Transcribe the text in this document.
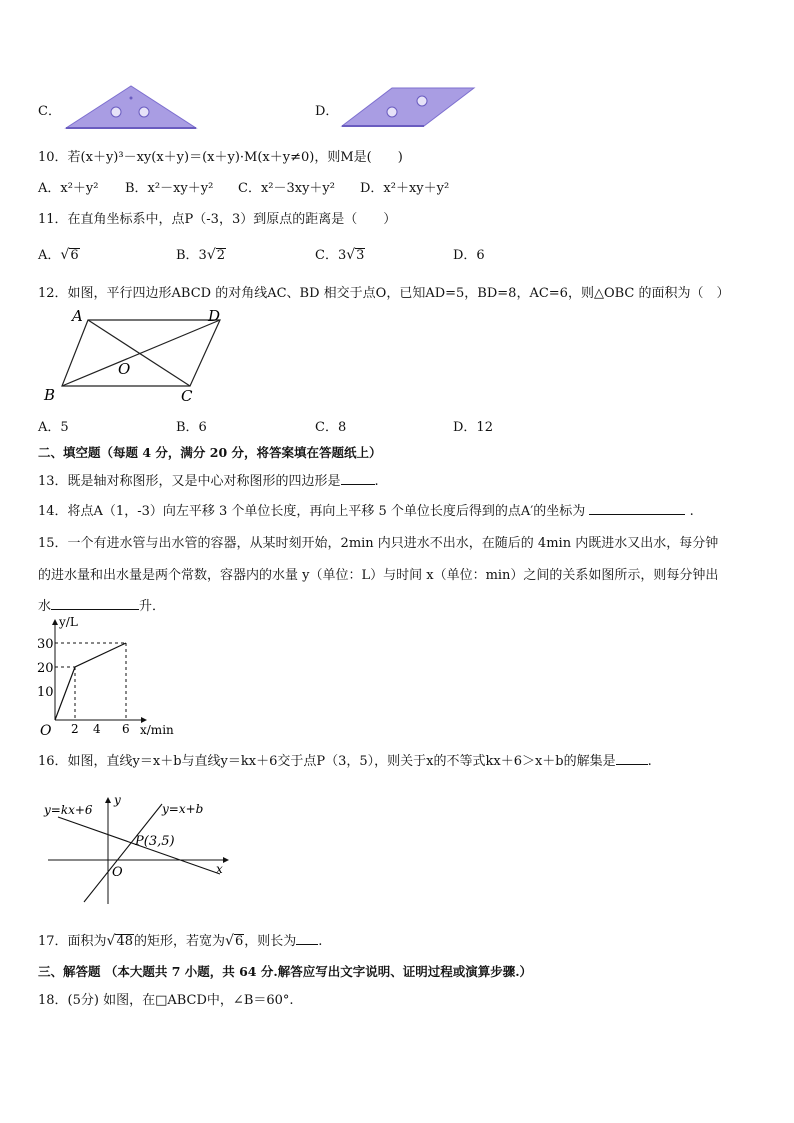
C．	D．
10．若(x＋y)³－xy(x＋y)＝(x＋y)·M(x＋y≠0)，则M是(　　)
A．x²＋y² B．x²－xy＋y² C．x²－3xy＋y² D．x²＋xy＋y²
11．在直角坐标系中，点P（-3，3）到原点的距离是（　　）
A．√6	B．3√2	C．3√3	D．6
12．如图，平行四边形ABCD 的对角线AC、BD 相交于点O，已知AD=5，BD=8，AC=6，则△OBC 的面积为（　）
A
B	C
D
O
A．5	B．6	C．8	D．12
二、填空题（每题 4 分，满分 20 分，将答案填在答题纸上）
13．既是轴对称图形，又是中心对称图形的四边形是	.
14．将点A（1，-3）向左平移 3 个单位长度，再向上平移 5 个单位长度后得到的点A′的坐标为	.
15．一个有进水管与出水管的容器，从某时刻开始，2min 内只进水不出水，在随后的 4min 内既进水又出水，每分钟
的进水量和出水量是两个常数，容器内的水量 y（单位：L）与时间 x（单位：min）之间的关系如图所示，则每分钟出
水	升．
30
20
10
2 4 6
O
y/L
x/min
16．如图，直线y＝x＋b与直线y＝kx＋6交于点P（3，5），则关于x的不等式kx＋6＞x＋b的解集是 .
y=kx+6	y=x+b
P(3,5)
O	x
y
17．面积为√48的矩形，若宽为√6，则长为 .
三、解答题 （本大题共 7 小题，共 64 分.解答应写出文字说明、证明过程或演算步骤.）
18．(5分) 如图，在□ABCD中，∠B＝60°.
